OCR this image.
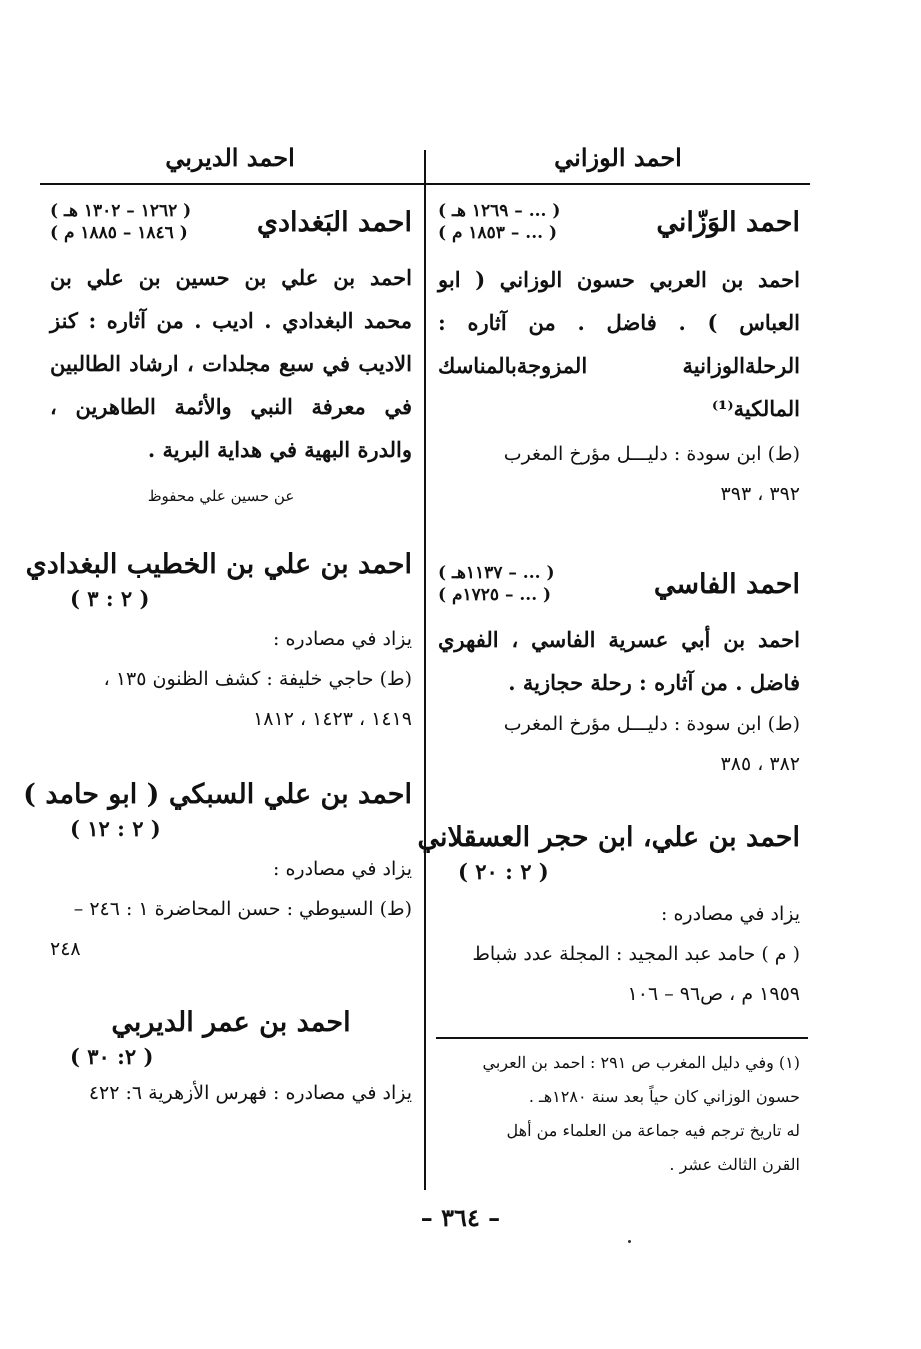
احمد الوزاني
احمد الديربي
احمد الوَزّاني
( ... – ١٢٦٩ هـ )
( ... – ١٨٥٣ م )
احمد بن العربي حسون الوزاني ( ابو العباس ) . فاضل . من آثاره : الرحلةالوزانية المزوجةبالمناسك المالكية⁽¹⁾
(ط) ابن سودة : دليـــل مؤرخ المغرب
٣٩٢ ، ٣٩٣
احمد الفاسي
( ... – ١١٣٧هـ )
( ... – ١٧٢٥م )
احمد بن أبي عسرية الفاسي ، الفهري فاضل . من آثاره : رحلة حجازية .
(ط) ابن سودة : دليـــل مؤرخ المغرب
٣٨٢ ، ٣٨٥
احمد بن علي، ابن حجر العسقلاني
( ٢ : ٢٠ )
يزاد في مصادره :
( م ) حامد عبد المجيد : المجلة عدد شباط
١٩٥٩ م ، ص٩٦ – ١٠٦
(١) وفي دليل المغرب ص ٢٩١ : احمد بن العربي
حسون الوزاني كان حياً بعد سنة ١٢٨٠هـ .
له تاريخ ترجم فيه جماعة من العلماء من أهل
القرن الثالث عشر .
احمد البَغدادي
( ١٢٦٢ – ١٣٠٢ هـ )
( ١٨٤٦ – ١٨٨٥ م )
احمد بن علي بن حسين بن علي بن محمد البغدادي . اديب . من آثاره : كنز الاديب في سبع مجلدات ، ارشاد الطالبين في معرفة النبي والأئمة الطاهرين ، والدرة البهية في هداية البرية .
عن حسين علي محفوظ
احمد بن علي بن الخطيب البغدادي
( ٢ : ٣ )
يزاد في مصادره :
(ط) حاجي خليفة : كشف الظنون ١٣٥ ،
١٤١٩ ، ١٤٢٣ ، ١٨١٢
احمد بن علي السبكي ( ابو حامد )
( ٢ : ١٢ )
يزاد في مصادره :
(ط) السيوطي : حسن المحاضرة ١ : ٢٤٦ –
٢٤٨
احمد بن عمر الديربي
( ٢: ٣٠ )
يزاد في مصادره : فهرس الأزهرية ٦: ٤٢٢
– ٣٦٤ –
